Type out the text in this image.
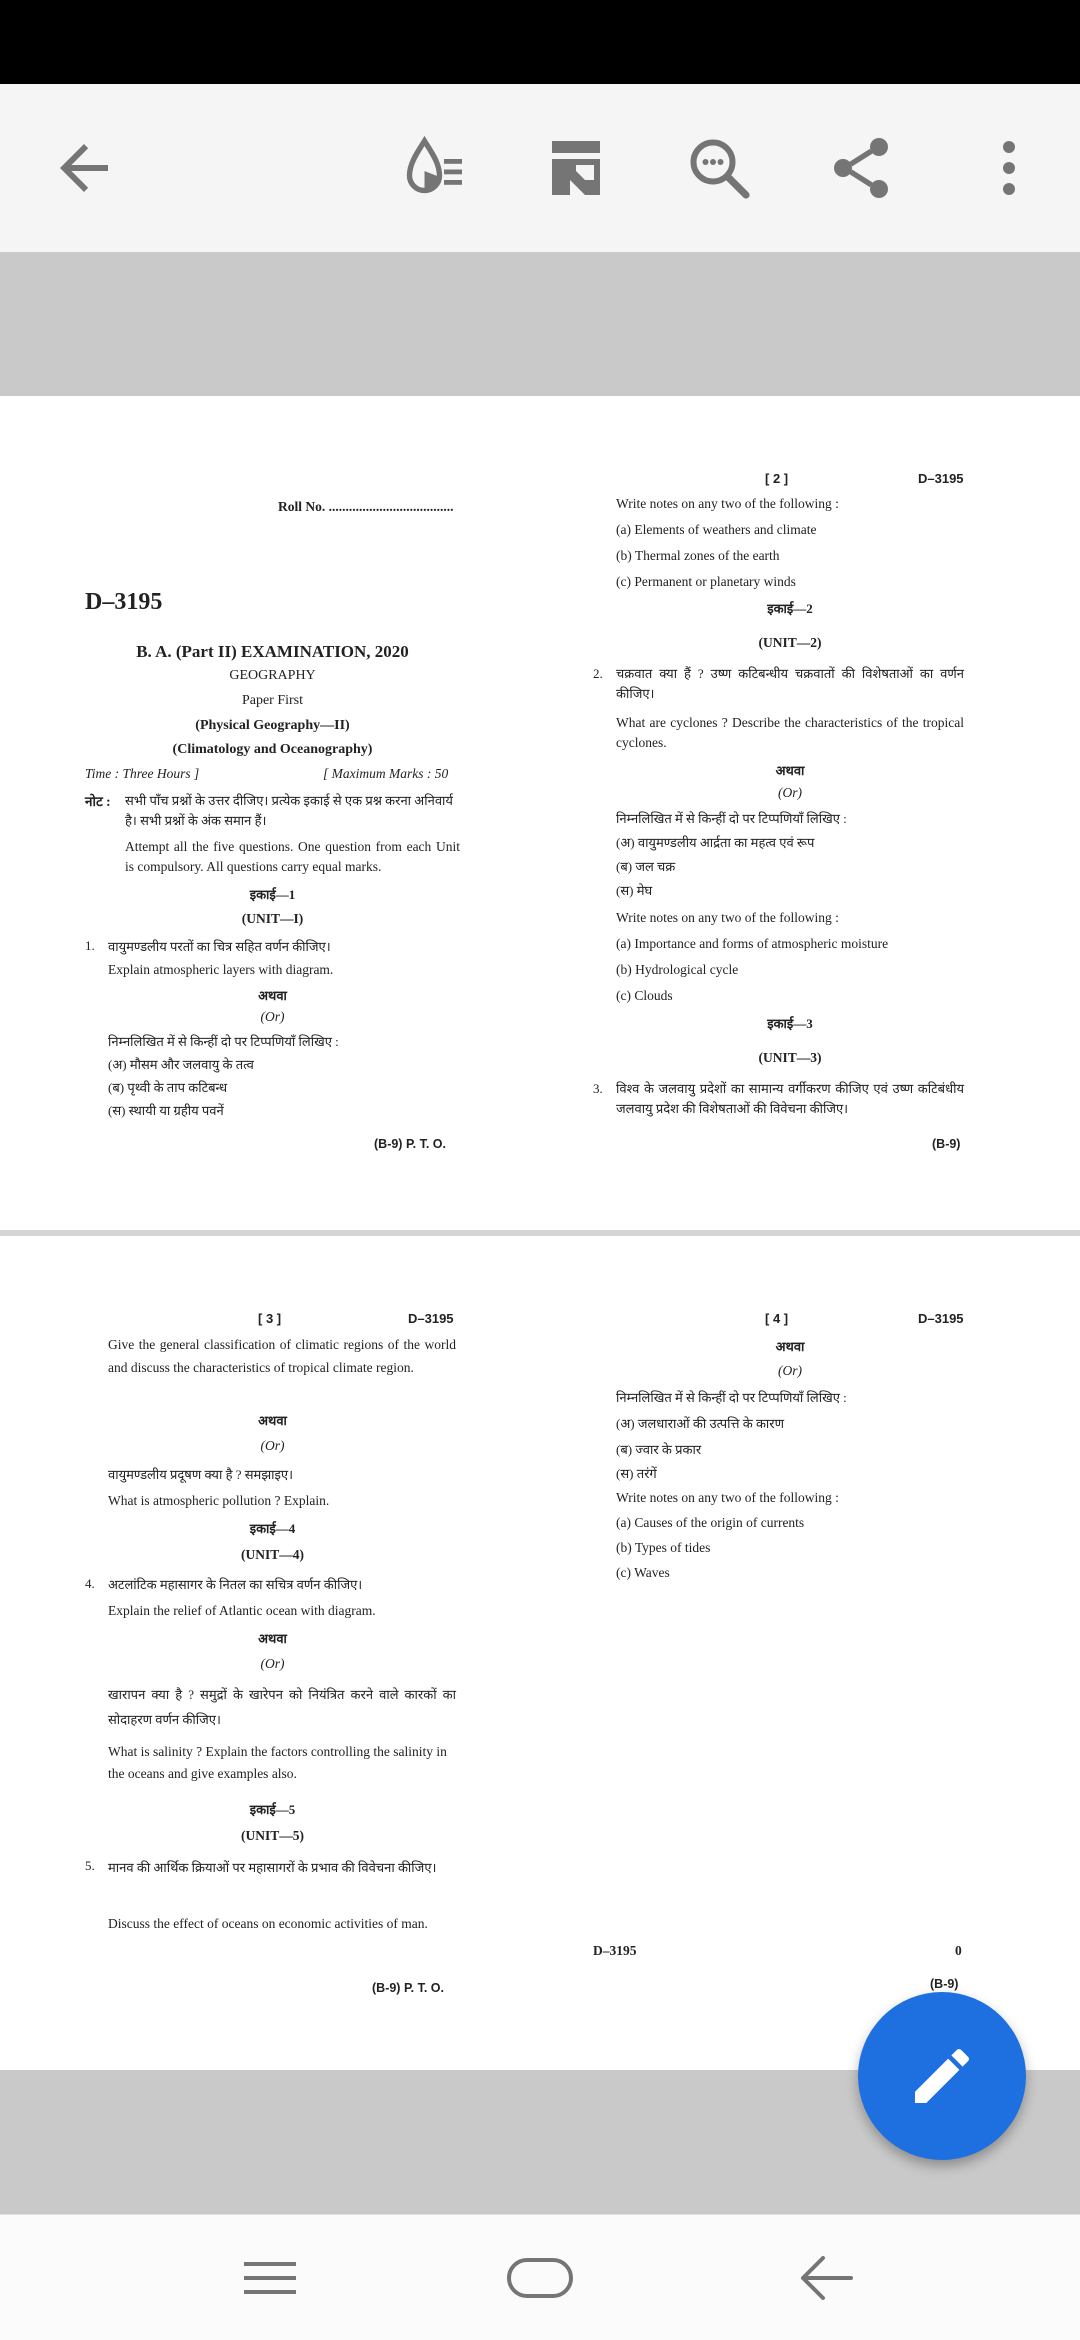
Roll No. .....................................
D–3195
B. A. (Part II) EXAMINATION, 2020
GEOGRAPHY
Paper First
(Physical Geography—II)
(Climatology and Oceanography)
Time : Three Hours ]	[ Maximum Marks : 50
नोट : सभी पाँच प्रश्नों के उत्तर दीजिए। प्रत्येक इकाई से एक प्रश्न करना अनिवार्य है। सभी प्रश्नों के अंक समान हैं।
Attempt all the five questions. One question from each Unit is compulsory. All questions carry equal marks.
इकाई—1
(UNIT—I)
1. वायुमण्डलीय परतों का चित्र सहित वर्णन कीजिए।
Explain atmospheric layers with diagram.
अथवा
(Or)
निम्नलिखित में से किन्हीं दो पर टिप्पणियाँ लिखिए :
(अ) मौसम और जलवायु के तत्व
(ब) पृथ्वी के ताप कटिबन्ध
(स) स्थायी या ग्रहीय पवनें
(B-9) P. T. O.
[ 2 ]	D–3195
Write notes on any two of the following :
(a) Elements of weathers and climate
(b) Thermal zones of the earth
(c) Permanent or planetary winds
इकाई—2
(UNIT—2)
2. चक्रवात क्या हैं ? उष्ण कटिबन्धीय चक्रवातों की विशेषताओं का वर्णन कीजिए।
What are cyclones ? Describe the characteristics of the tropical cyclones.
अथवा
(Or)
निम्नलिखित में से किन्हीं दो पर टिप्पणियाँ लिखिए :
(अ) वायुमण्डलीय आर्द्रता का महत्व एवं रूप
(ब) जल चक्र
(स) मेघ
Write notes on any two of the following :
(a) Importance and forms of atmospheric moisture
(b) Hydrological cycle
(c) Clouds
इकाई—3
(UNIT—3)
3. विश्व के जलवायु प्रदेशों का सामान्य वर्गीकरण कीजिए एवं उष्ण कटिबंधीय जलवायु प्रदेश की विशेषताओं की विवेचना कीजिए।
(B-9)
[ 3 ]	D–3195
Give the general classification of climatic regions of the world and discuss the characteristics of tropical climate region.
अथवा
(Or)
वायुमण्डलीय प्रदूषण क्या है ? समझाइए।
What is atmospheric pollution ? Explain.
इकाई—4
(UNIT—4)
4. अटलांटिक महासागर के नितल का सचित्र वर्णन कीजिए।
Explain the relief of Atlantic ocean with diagram.
अथवा
(Or)
खारापन क्या है ? समुद्रों के खारेपन को नियंत्रित करने वाले कारकों का सोदाहरण वर्णन कीजिए।
What is salinity ? Explain the factors controlling the salinity in the oceans and give examples also.
इकाई—5
(UNIT—5)
5. मानव की आर्थिक क्रियाओं पर महासागरों के प्रभाव की विवेचना कीजिए।
Discuss the effect of oceans on economic activities of man.
(B-9) P. T. O.
[ 4 ]	D–3195
अथवा
(Or)
निम्नलिखित में से किन्हीं दो पर टिप्पणियाँ लिखिए :
(अ) जलधाराओं की उत्पत्ति के कारण
(ब) ज्वार के प्रकार
(स) तरंगें
Write notes on any two of the following :
(a) Causes of the origin of currents
(b) Types of tides
(c) Waves
D–3195	0
(B-9)
